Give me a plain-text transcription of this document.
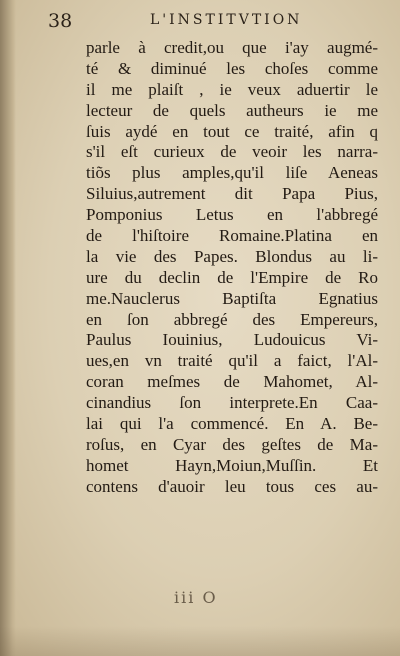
38	L'INSTITVTION
parle à credit,ou que i'ay augmé-
té & diminué les choſes comme
il me plaiſt , ie veux aduertir le
lecteur de quels autheurs ie me
ſuis aydé en tout ce traité, afin q
s'il eſt curieux de veoir les narra-
tiõs plus amples,qu'il liſe Aeneas
Siluius,autrement dit Papa Pius,
Pomponius Letus en l'abbregé
de l'hiſtoire Romaine.Platina en
la vie des Papes. Blondus au li-
ure du declin de l'Empire de Ro
me.Nauclerus Baptiſta Egnatius
en ſon abbregé des Empereurs,
Paulus Iouinius, Ludouicus Vi-
ues,en vn traité qu'il a faict, l'Al-
coran meſmes de Mahomet, Al-
cinandius ſon interprete.En Caa-
lai qui l'a commencé. En A. Be-
roſus, en Cyar des geſtes de Ma-
homet Hayn,Moiun,Muſſin. Et
contens d'auoir leu tous ces au-
iii O
